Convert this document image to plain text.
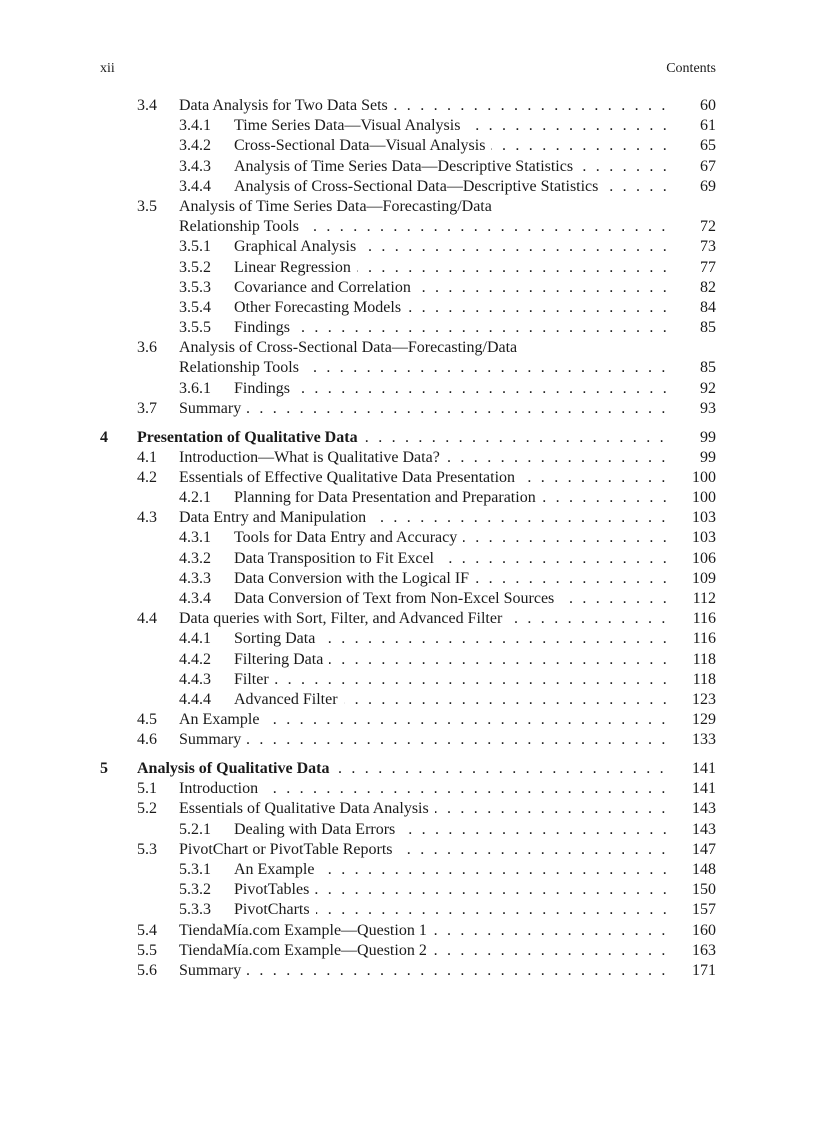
xii	Contents
3.4 Data Analysis for Two Data Sets . . .	60
3.4.1 Time Series Data—Visual Analysis . . .	61
3.4.2 Cross-Sectional Data—Visual Analysis . . .	65
3.4.3 Analysis of Time Series Data—Descriptive Statistics . . .	67
3.4.4 Analysis of Cross-Sectional Data—Descriptive Statistics . . .	69
3.5 Analysis of Time Series Data—Forecasting/Data
Relationship Tools . . .	72
3.5.1 Graphical Analysis . . .	73
3.5.2 Linear Regression . . .	77
3.5.3 Covariance and Correlation . . .	82
3.5.4 Other Forecasting Models . . .	84
3.5.5 Findings . . .	85
3.6 Analysis of Cross-Sectional Data—Forecasting/Data
Relationship Tools . . .	85
3.6.1 Findings . . .	92
3.7 Summary . . .	93
4 Presentation of Qualitative Data . . .	99
4.1 Introduction—What is Qualitative Data? . . .	99
4.2 Essentials of Effective Qualitative Data Presentation . . .	100
4.2.1 Planning for Data Presentation and Preparation . . .	100
4.3 Data Entry and Manipulation . . .	103
4.3.1 Tools for Data Entry and Accuracy . . .	103
4.3.2 Data Transposition to Fit Excel . . .	106
4.3.3 Data Conversion with the Logical IF . . .	109
4.3.4 Data Conversion of Text from Non-Excel Sources . . .	112
4.4 Data queries with Sort, Filter, and Advanced Filter . . .	116
4.4.1 Sorting Data . . .	116
4.4.2 Filtering Data . . .	118
4.4.3 Filter . . .	118
4.4.4 Advanced Filter . . .	123
4.5 An Example . . .	129
4.6 Summary . . .	133
5 Analysis of Qualitative Data . . .	141
5.1 Introduction . . .	141
5.2 Essentials of Qualitative Data Analysis . . .	143
5.2.1 Dealing with Data Errors . . .	143
5.3 PivotChart or PivotTable Reports . . .	147
5.3.1 An Example . . .	148
5.3.2 PivotTables . . .	150
5.3.3 PivotCharts . . .	157
5.4 TiendaMía.com Example—Question 1 . . .	160
5.5 TiendaMía.com Example—Question 2 . . .	163
5.6 Summary . . .	171
